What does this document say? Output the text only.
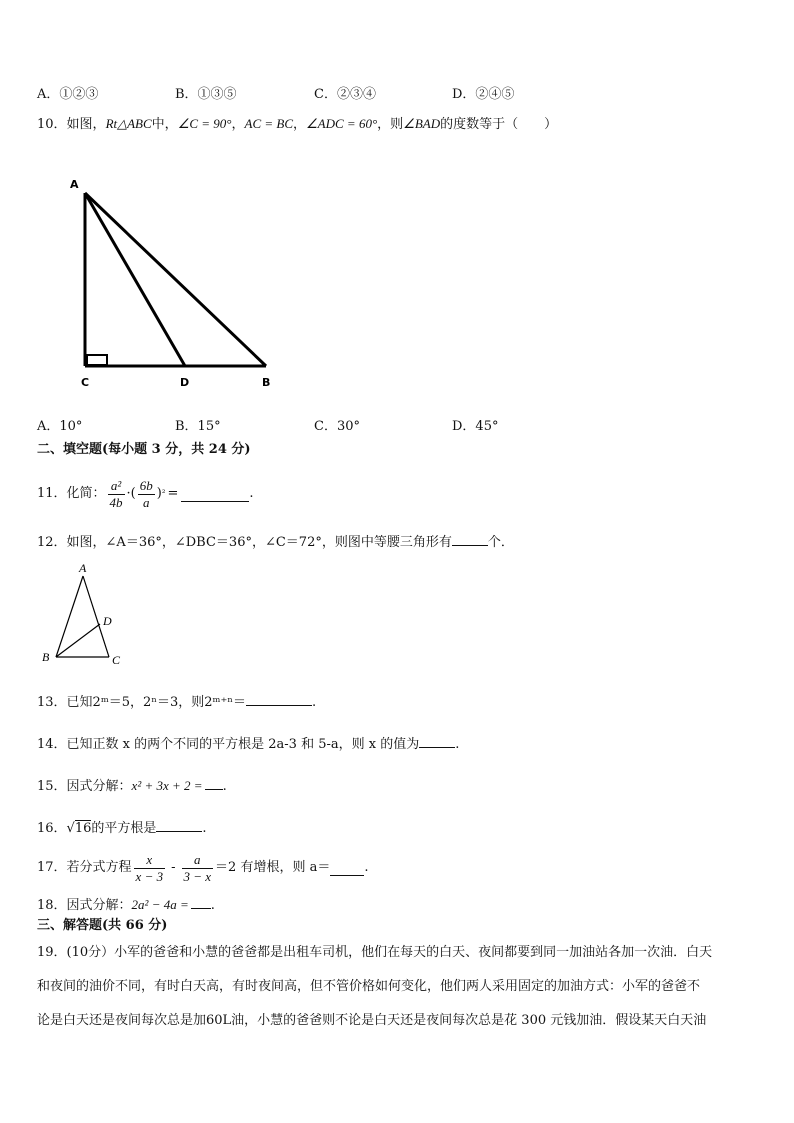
A．①②③	B．①③⑤	C．②③④	D．②④⑤
10．如图，Rt△ABC中，∠C = 90°，AC = BC，∠ADC = 60°，则∠BAD的度数等于（　　）
A
C	D	B
A．10°	B．15°	C．30°	D．45°
二、填空题(每小题 3 分，共 24 分)
11．化简： $\frac{\text{a²}}{4b}$ ·( $\frac{6b}{a}$ ) ² =	.
12．如图，∠A＝36°，∠DBC＝36°，∠C＝72°，则图中等腰三角形有	个．
A
B	C
D
13．已知2ᵐ＝5，2ⁿ＝3，则2ᵐ⁺ⁿ＝	.
14．已知正数 x 的两个不同的平方根是 2a-3 和 5-a，则 x 的值为	.
15．因式分解：x² + 3x + 2 = .
16．√16的平方根是	.
17．若分式方程 $\frac{x}{x - 3} - \frac{a}{3 - x} =2$ 有增根，则 a＝	.
18．因式分解：2a² − 4a = .
三、解答题(共 66 分)
19．(10分）小军的爸爸和小慧的爸爸都是出租车司机，他们在每天的白天、夜间都要到同一加油站各加一次油．白天
和夜间的油价不同，有时白天高，有时夜间高，但不管价格如何变化，他们两人采用固定的加油方式：小军的爸爸不
论是白天还是夜间每次总是加60L油，小慧的爸爸则不论是白天还是夜间每次总是花 300 元钱加油．假设某天白天油
